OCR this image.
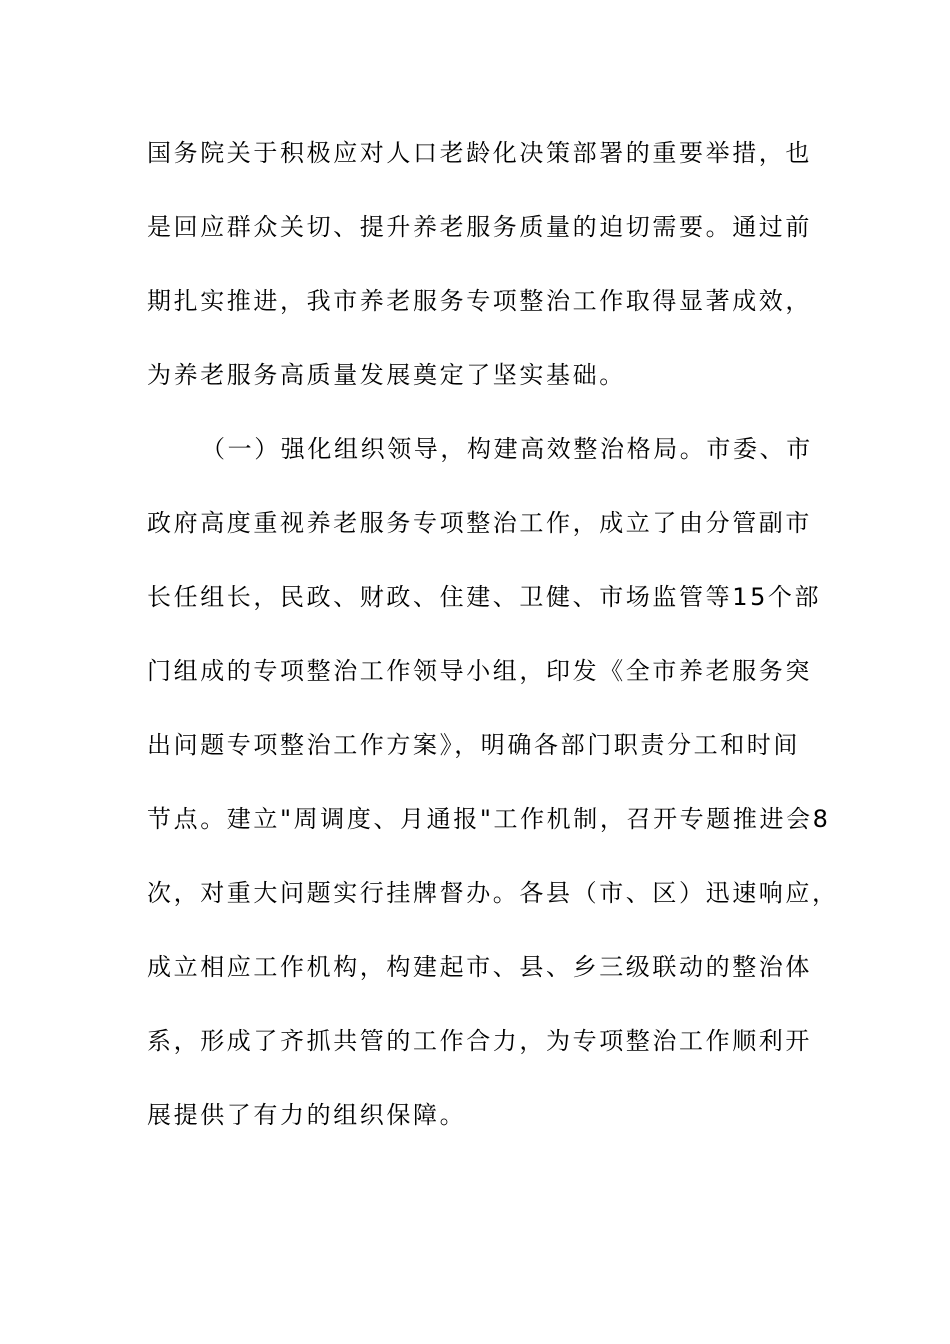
国务院关于积极应对人口老龄化决策部署的重要举措，也
是回应群众关切、提升养老服务质量的迫切需要。通过前
期扎实推进，我市养老服务专项整治工作取得显著成效，
为养老服务高质量发展奠定了坚实基础。
（一）强化组织领导，构建高效整治格局。市委、市
政府高度重视养老服务专项整治工作，成立了由分管副市
长任组长，民政、财政、住建、卫健、市场监管等15个部
门组成的专项整治工作领导小组，印发《全市养老服务突
出问题专项整治工作方案》，明确各部门职责分工和时间
节点。建立"周调度、月通报"工作机制，召开专题推进会8
次，对重大问题实行挂牌督办。各县（市、区）迅速响应，
成立相应工作机构，构建起市、县、乡三级联动的整治体
系，形成了齐抓共管的工作合力，为专项整治工作顺利开
展提供了有力的组织保障。
